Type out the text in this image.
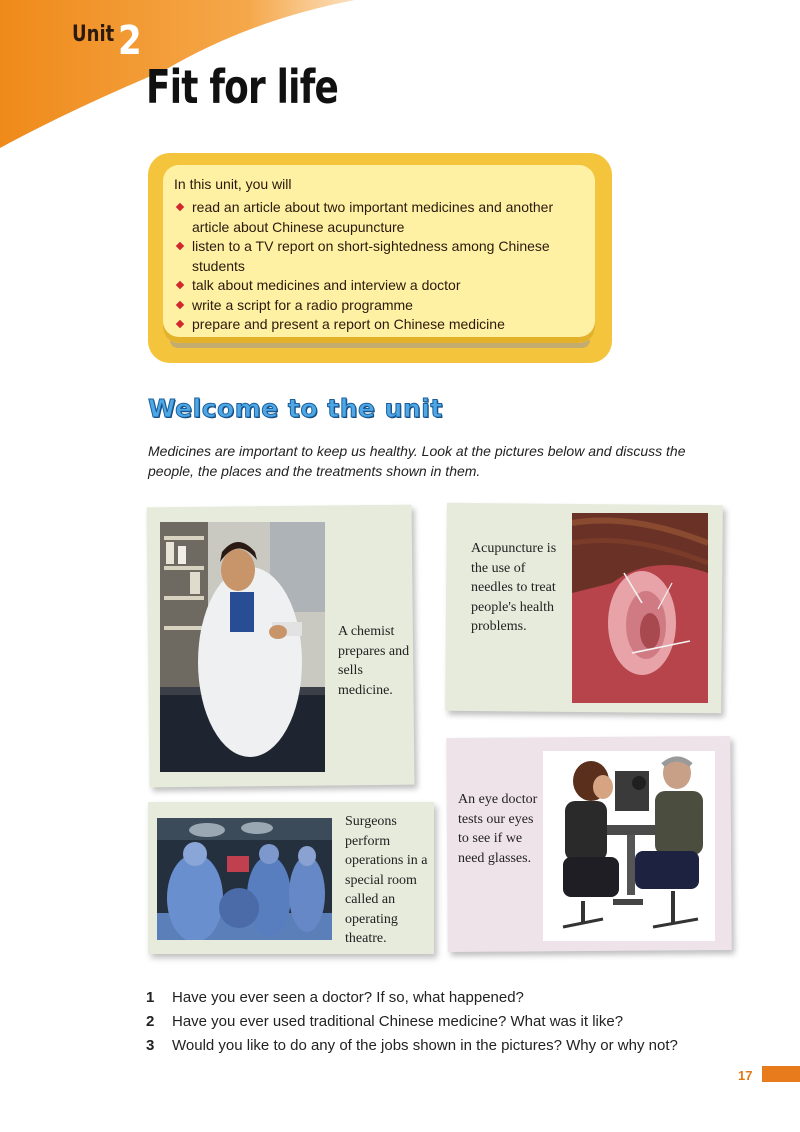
Unit 2
Fit for life
In this unit, you will
read an article about two important medicines and another article about Chinese acupuncture
listen to a TV report on short-sightedness among Chinese students
talk about medicines and interview a doctor
write a script for a radio programme
prepare and present a report on Chinese medicine
Welcome to the unit
Medicines are important to keep us healthy. Look at the pictures below and discuss the people, the places and the treatments shown in them.
A chemist prepares and sells medicine.
Acupuncture is the use of needles to treat people's health problems.
Surgeons perform operations in a special room called an operating theatre.
An eye doctor tests our eyes to see if we need glasses.
1 Have you ever seen a doctor? If so, what happened?
2 Have you ever used traditional Chinese medicine? What was it like?
3 Would you like to do any of the jobs shown in the pictures? Why or why not?
17
